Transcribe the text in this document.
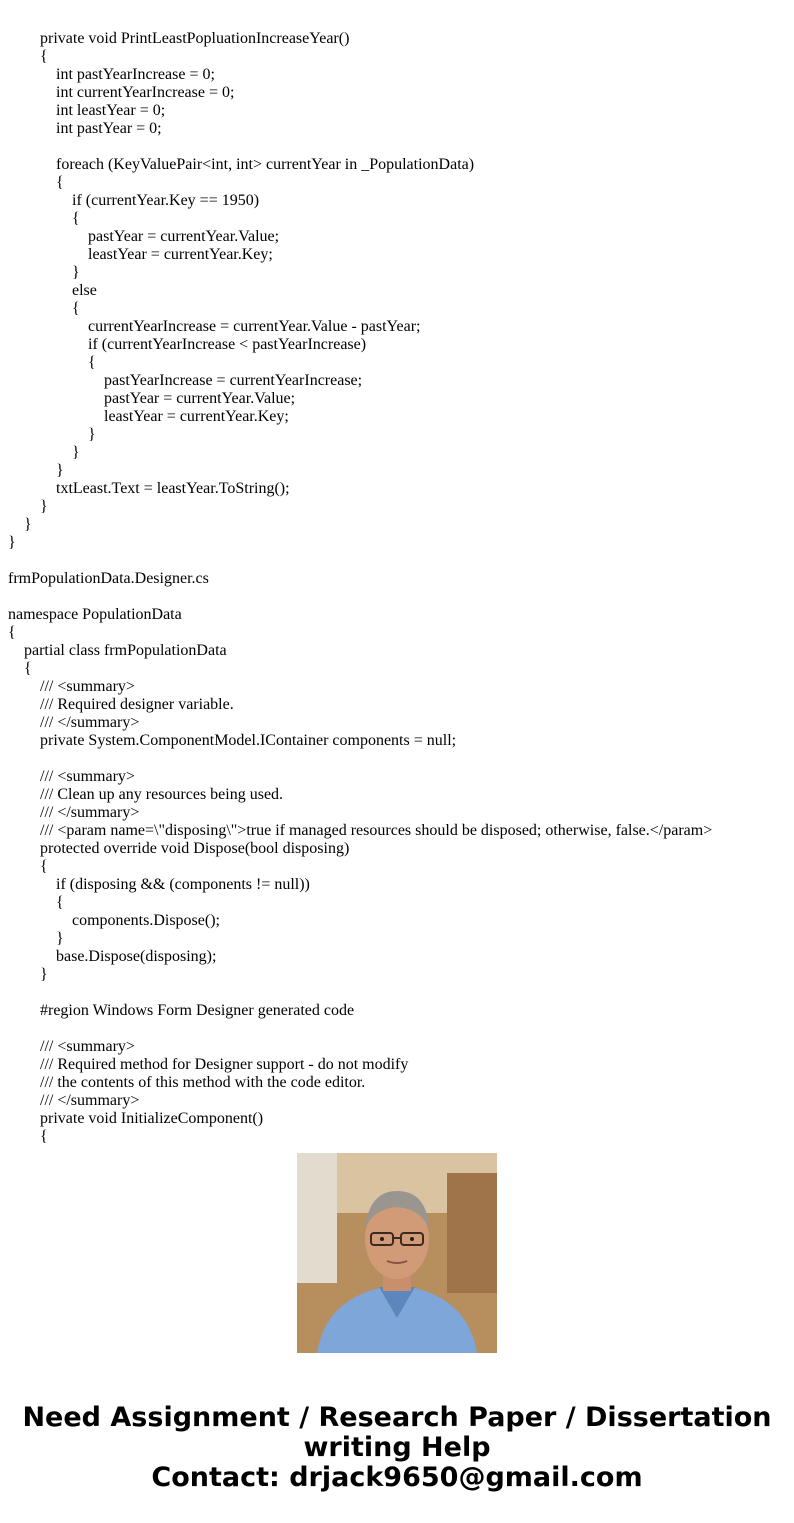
private void PrintLeastPopluationIncreaseYear()
{
int pastYearIncrease = 0;
int currentYearIncrease = 0;
int leastYear = 0;
int pastYear = 0;
foreach (KeyValuePair<int, int> currentYear in _PopulationData)
{
if (currentYear.Key == 1950)
{
pastYear = currentYear.Value;
leastYear = currentYear.Key;
}
else
{
currentYearIncrease = currentYear.Value - pastYear;
if (currentYearIncrease < pastYearIncrease)
{
pastYearIncrease = currentYearIncrease;
pastYear = currentYear.Value;
leastYear = currentYear.Key;
}
}
}
txtLeast.Text = leastYear.ToString();
}
}
}
frmPopulationData.Designer.cs
namespace PopulationData
{
partial class frmPopulationData
{
/// <summary>
/// Required designer variable.
/// </summary>
private System.ComponentModel.IContainer components = null;
/// <summary>
/// Clean up any resources being used.
/// </summary>
/// <param name=\"disposing\">true if managed resources should be disposed; otherwise, false.</param>
protected override void Dispose(bool disposing)
{
if (disposing && (components != null))
{
components.Dispose();
}
base.Dispose(disposing);
}
#region Windows Form Designer generated code
/// <summary>
/// Required method for Designer support - do not modify
/// the contents of this method with the code editor.
/// </summary>
private void InitializeComponent()
{
Need Assignment / Research Paper / Dissertation
writing Help
Contact: drjack9650@gmail.com
